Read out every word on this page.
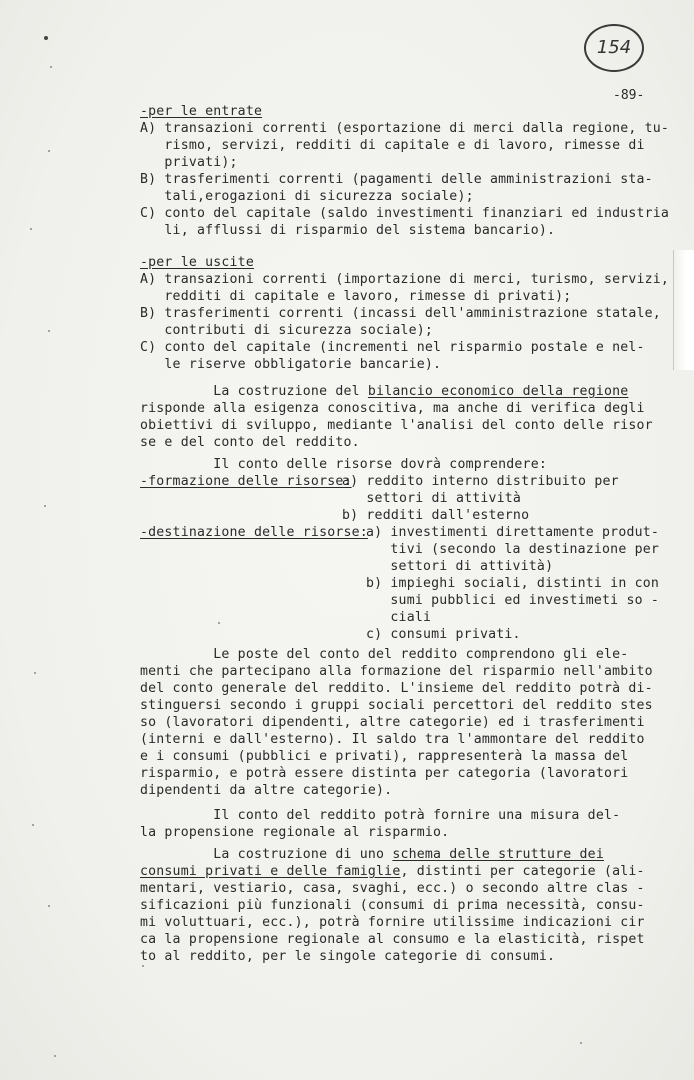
154
-89-
-per le entrate
A) transazioni correnti (esportazione di merci dalla regione, tu-
rismo, servizi, redditi di capitale e di lavoro, rimesse di
privati);
B) trasferimenti correnti (pagamenti delle amministrazioni sta-
tali,erogazioni di sicurezza sociale);
C) conto del capitale (saldo investimenti finanziari ed industria
li, afflussi di risparmio del sistema bancario).
-per le uscite
A) transazioni correnti (importazione di merci, turismo, servizi,
redditi di capitale e lavoro, rimesse di privati);
B) trasferimenti correnti (incassi dell'amministrazione statale,
contributi di sicurezza sociale);
C) conto del capitale (incrementi nel risparmio postale e nel-
le riserve obbligatorie bancarie).
La costruzione del bilancio economico della regione
risponde alla esigenza conoscitiva, ma anche di verifica degli
obiettivi di sviluppo, mediante l'analisi del conto delle risor
se e del conto del reddito.
Il conto delle risorse dovrà comprendere:
-formazione delle risorse:
a) reddito interno distribuito per
settori di attività
b) redditi dall'esterno
-destinazione delle risorse:
a) investimenti direttamente produt-
tivi (secondo la destinazione per
settori di attività)
b) impieghi sociali, distinti in con
sumi pubblici ed investimeti so -
ciali
c) consumi privati.
Le poste del conto del reddito comprendono gli ele-
menti che partecipano alla formazione del risparmio nell'ambito
del conto generale del reddito. L'insieme del reddito potrà di-
stinguersi secondo i gruppi sociali percettori del reddito stes
so (lavoratori dipendenti, altre categorie) ed i trasferimenti
(interni e dall'esterno). Il saldo tra l'ammontare del reddito
e i consumi (pubblici e privati), rappresenterà la massa del
risparmio, e potrà essere distinta per categoria (lavoratori
dipendenti da altre categorie).
Il conto del reddito potrà fornire una misura del-
la propensione regionale al risparmio.
La costruzione di uno schema delle strutture dei
consumi privati e delle famiglie, distinti per categorie (ali-
mentari, vestiario, casa, svaghi, ecc.) o secondo altre clas -
sificazioni più funzionali (consumi di prima necessità, consu-
mi voluttuari, ecc.), potrà fornire utilissime indicazioni cir
ca la propensione regionale al consumo e la elasticità, rispet
to al reddito, per le singole categorie di consumi.
